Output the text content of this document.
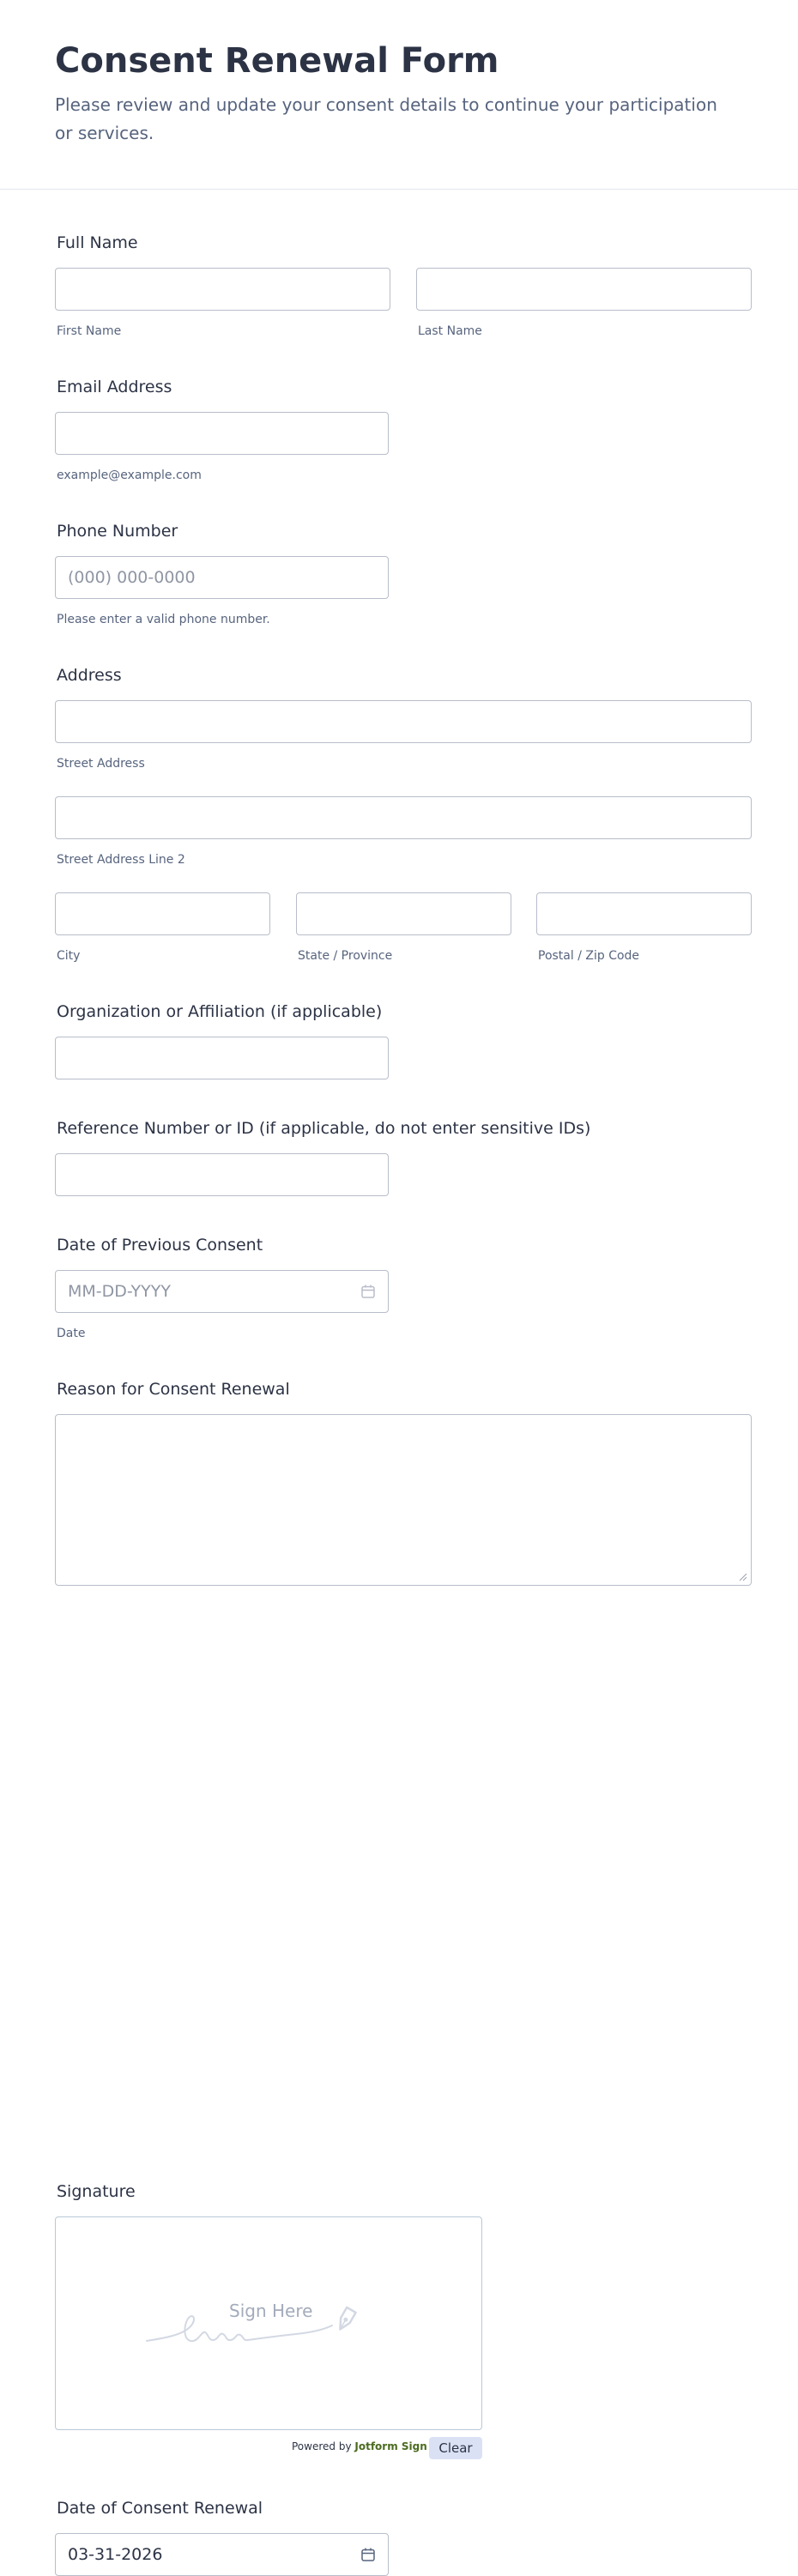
Consent Renewal Form

Please review and update your consent details to continue your participation or services.

Full Name
First Name	Last Name
Email Address
example@example.com
Phone Number
(000) 000-0000
Please enter a valid phone number.
Address
Street Address
Street Address Line 2
City	State / Province	Postal / Zip Code
Organization or Affiliation (if applicable)
Reference Number or ID (if applicable, do not enter sensitive IDs)
Date of Previous Consent
MM-DD-YYYY
Date
Reason for Consent Renewal
Signature
Sign Here
Powered by Jotform Sign Clear
Date of Consent Renewal
03-31-2026
